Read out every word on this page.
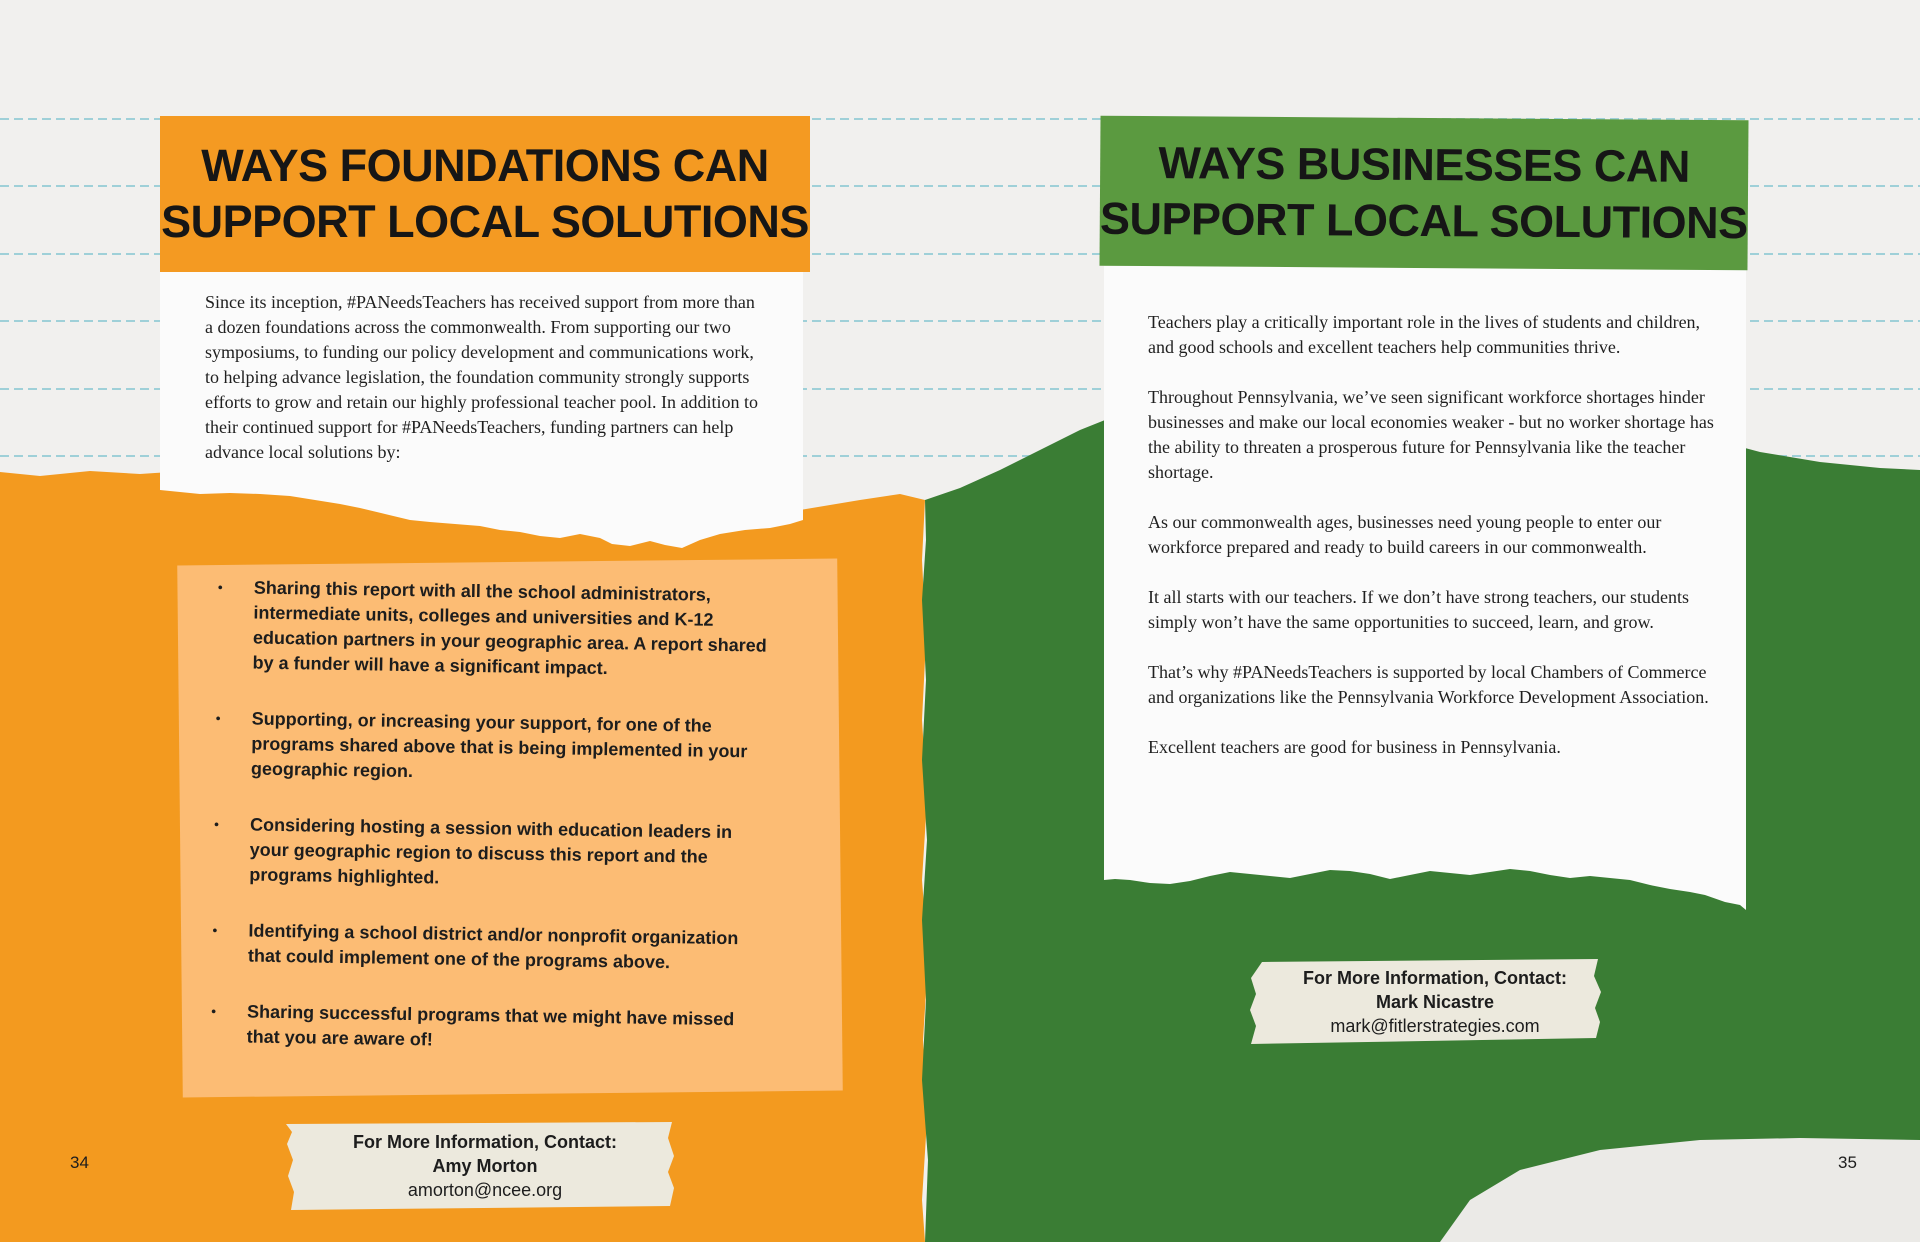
WAYS FOUNDATIONS CAN
SUPPORT LOCAL SOLUTIONS
WAYS BUSINESSES CAN
SUPPORT LOCAL SOLUTIONS
Since its inception, #PANeedsTeachers has received support from more than a dozen foundations across the commonwealth. From supporting our two symposiums, to funding our policy development and communications work, to helping advance legislation, the foundation community strongly supports efforts to grow and retain our highly professional teacher pool. In addition to their continued support for #PANeedsTeachers, funding partners can help advance local solutions by:
• Sharing this report with all the school administrators, intermediate units, colleges and universities and K-12 education partners in your geographic area. A report shared by a funder will have a significant impact.
• Supporting, or increasing your support, for one of the programs shared above that is being implemented in your geographic region.
• Considering hosting a session with education leaders in your geographic region to discuss this report and the programs highlighted.
• Identifying a school district and/or nonprofit organization that could implement one of the programs above.
• Sharing successful programs that we might have missed that you are aware of!

Teachers play a critically important role in the lives of students and children, and good schools and excellent teachers help communities thrive.

Throughout Pennsylvania, we’ve seen significant workforce shortages hinder businesses and make our local economies weaker - but no worker shortage has the ability to threaten a prosperous future for Pennsylvania like the teacher shortage.

As our commonwealth ages, businesses need young people to enter our workforce prepared and ready to build careers in our commonwealth.

It all starts with our teachers. If we don’t have strong teachers, our students simply won’t have the same opportunities to succeed, learn, and grow.

That’s why #PANeedsTeachers is supported by local Chambers of Commerce and organizations like the Pennsylvania Workforce Development Association.

Excellent teachers are good for business in Pennsylvania.

For More Information, Contact:
Amy Morton
amorton@ncee.org
For More Information, Contact:
Mark Nicastre
mark@fitlerstrategies.com
34	35
